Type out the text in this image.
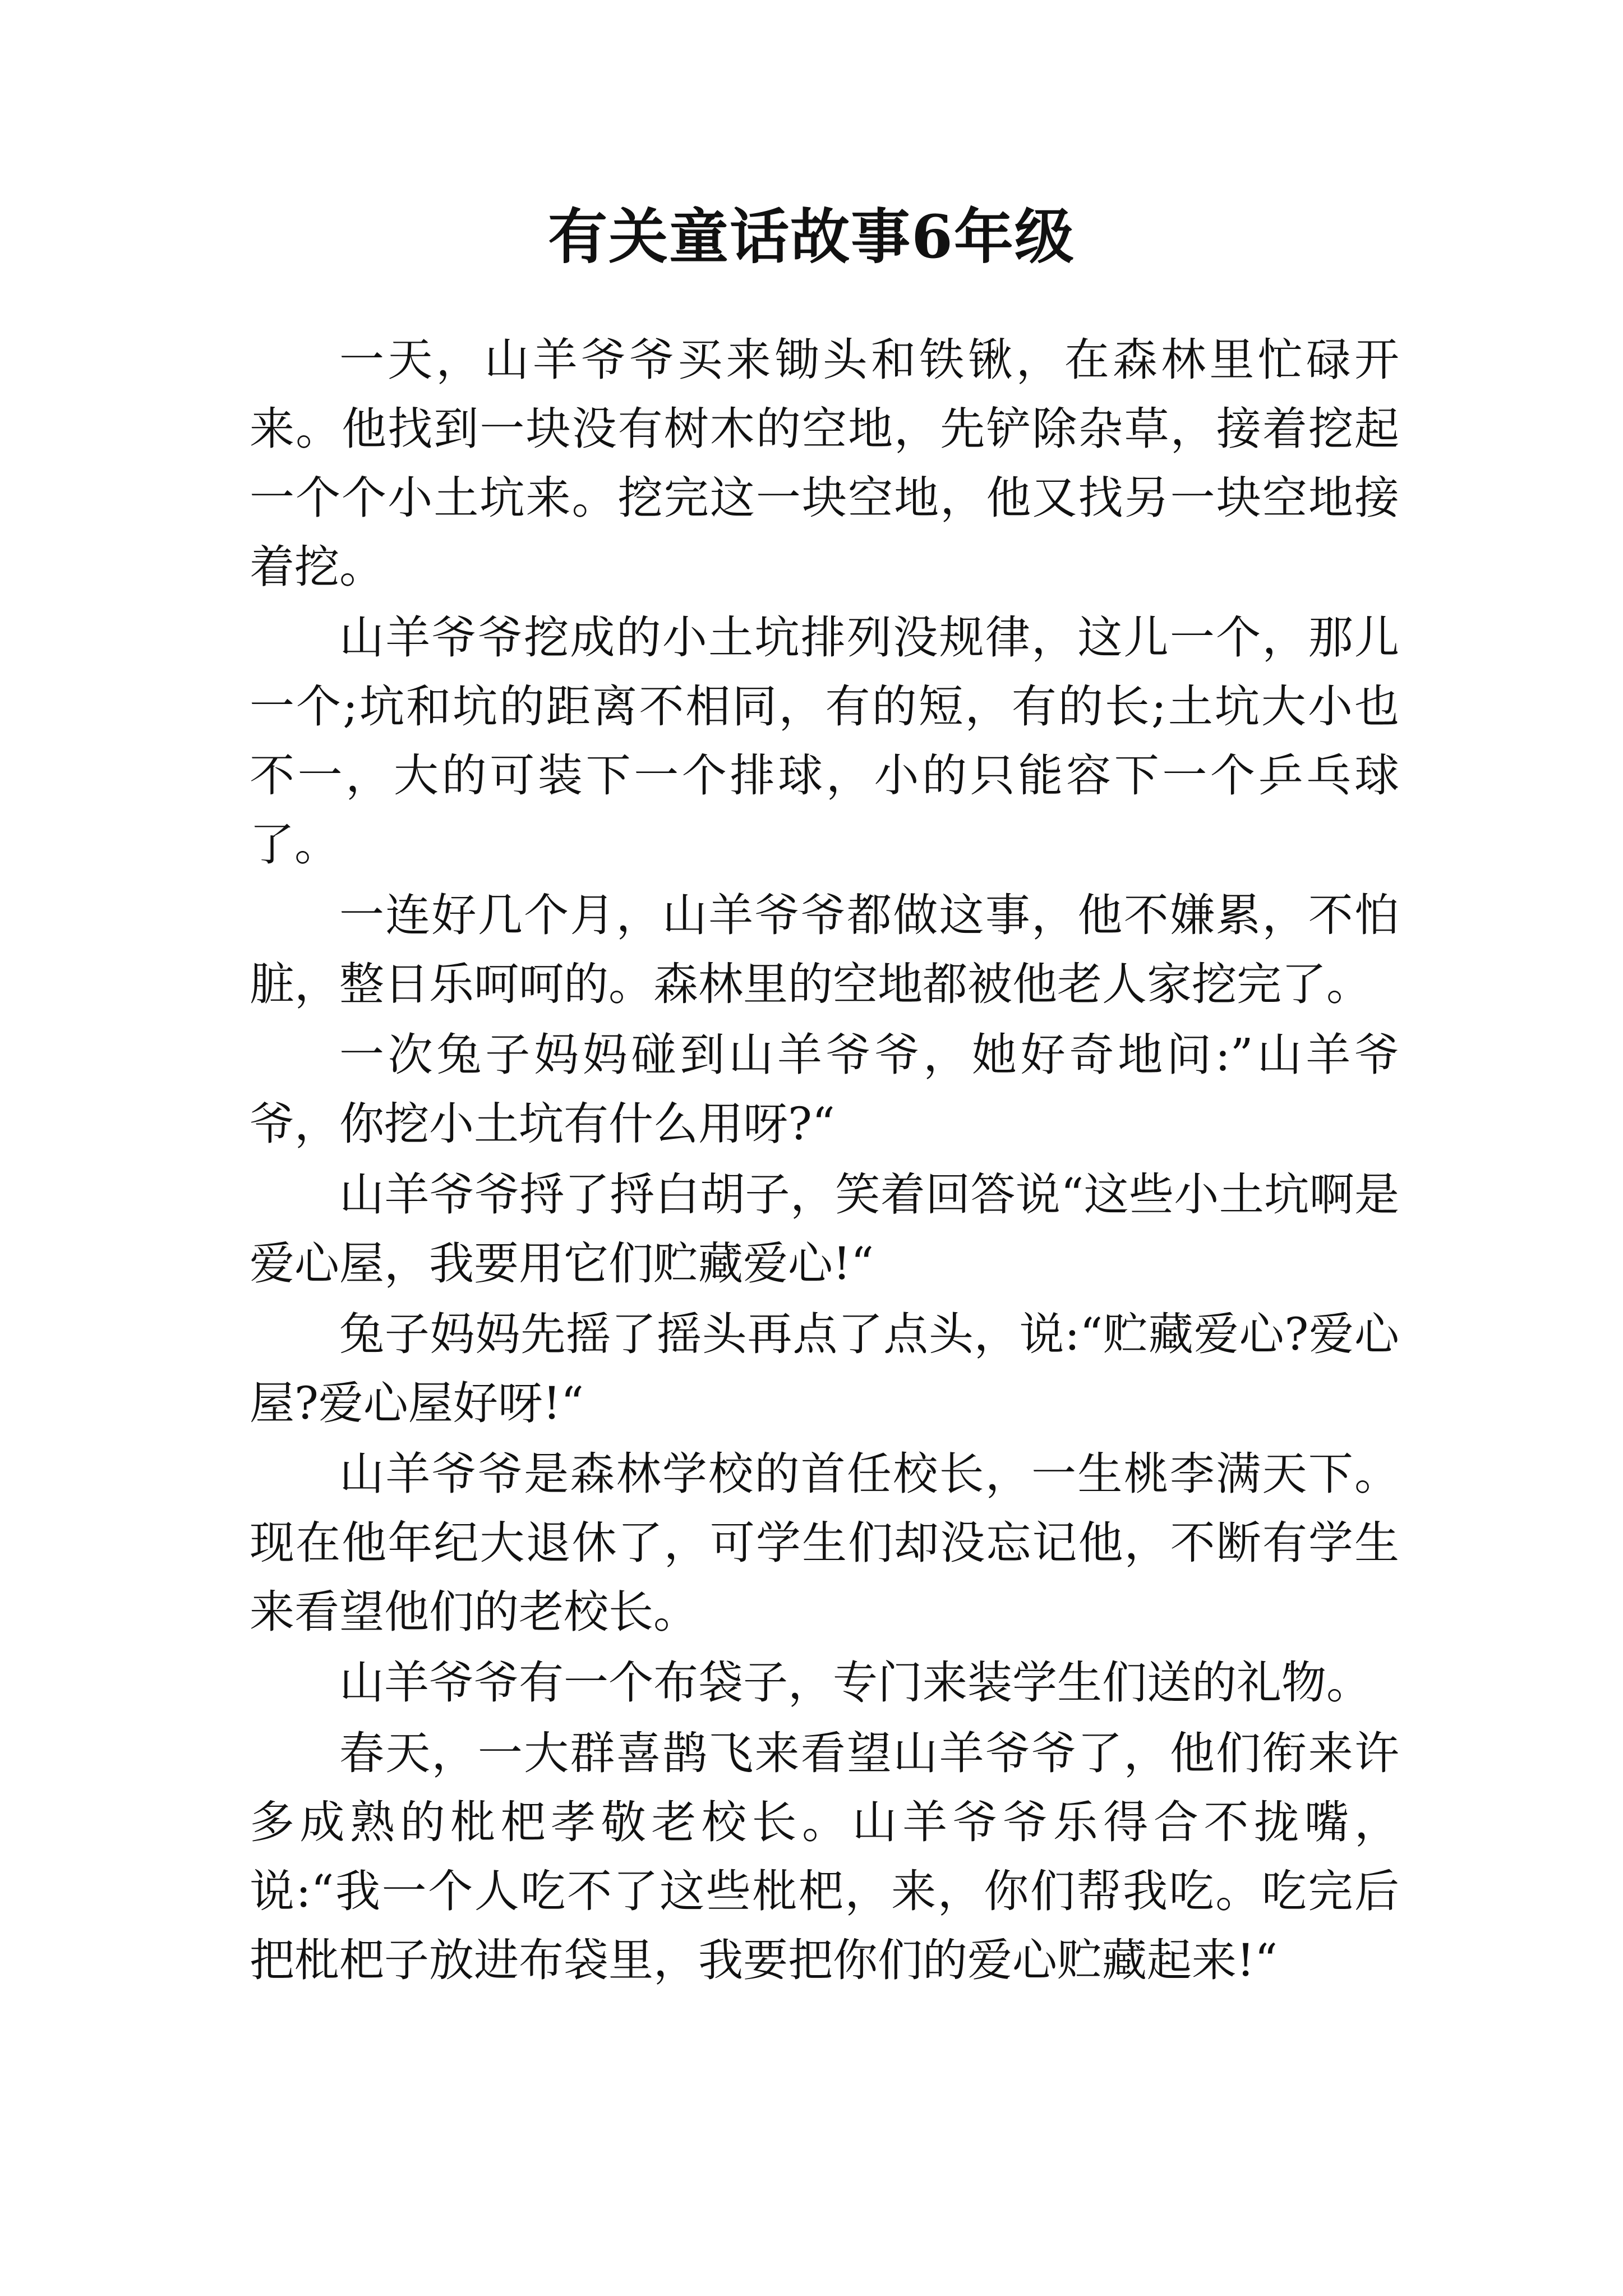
有关童话故事6年级

一天，山羊爷爷买来锄头和铁锹，在森林里忙碌开来。他找到一块没有树木的空地，先铲除杂草，接着挖起一个个小土坑来。挖完这一块空地，他又找另一块空地接着挖。

山羊爷爷挖成的小土坑排列没规律，这儿一个，那儿一个;坑和坑的距离不相同，有的短，有的长;土坑大小也不一，大的可装下一个排球，小的只能容下一个乒乓球了。

一连好几个月，山羊爷爷都做这事，他不嫌累，不怕脏，整日乐呵呵的。森林里的空地都被他老人家挖完了。

一次兔子妈妈碰到山羊爷爷，她好奇地问:”山羊爷爷，你挖小土坑有什么用呀?“

山羊爷爷捋了捋白胡子，笑着回答说“这些小土坑啊是爱心屋，我要用它们贮藏爱心!“

兔子妈妈先摇了摇头再点了点头，说:“贮藏爱心?爱心屋?爱心屋好呀!“

山羊爷爷是森林学校的首任校长，一生桃李满天下。现在他年纪大退休了，可学生们却没忘记他，不断有学生来看望他们的老校长。

山羊爷爷有一个布袋子，专门来装学生们送的礼物。

春天，一大群喜鹊飞来看望山羊爷爷了，他们衔来许多成熟的枇杷孝敬老校长。山羊爷爷乐得合不拢嘴，说:“我一个人吃不了这些枇杷，来，你们帮我吃。吃完后把枇杷子放进布袋里，我要把你们的爱心贮藏起来!“
